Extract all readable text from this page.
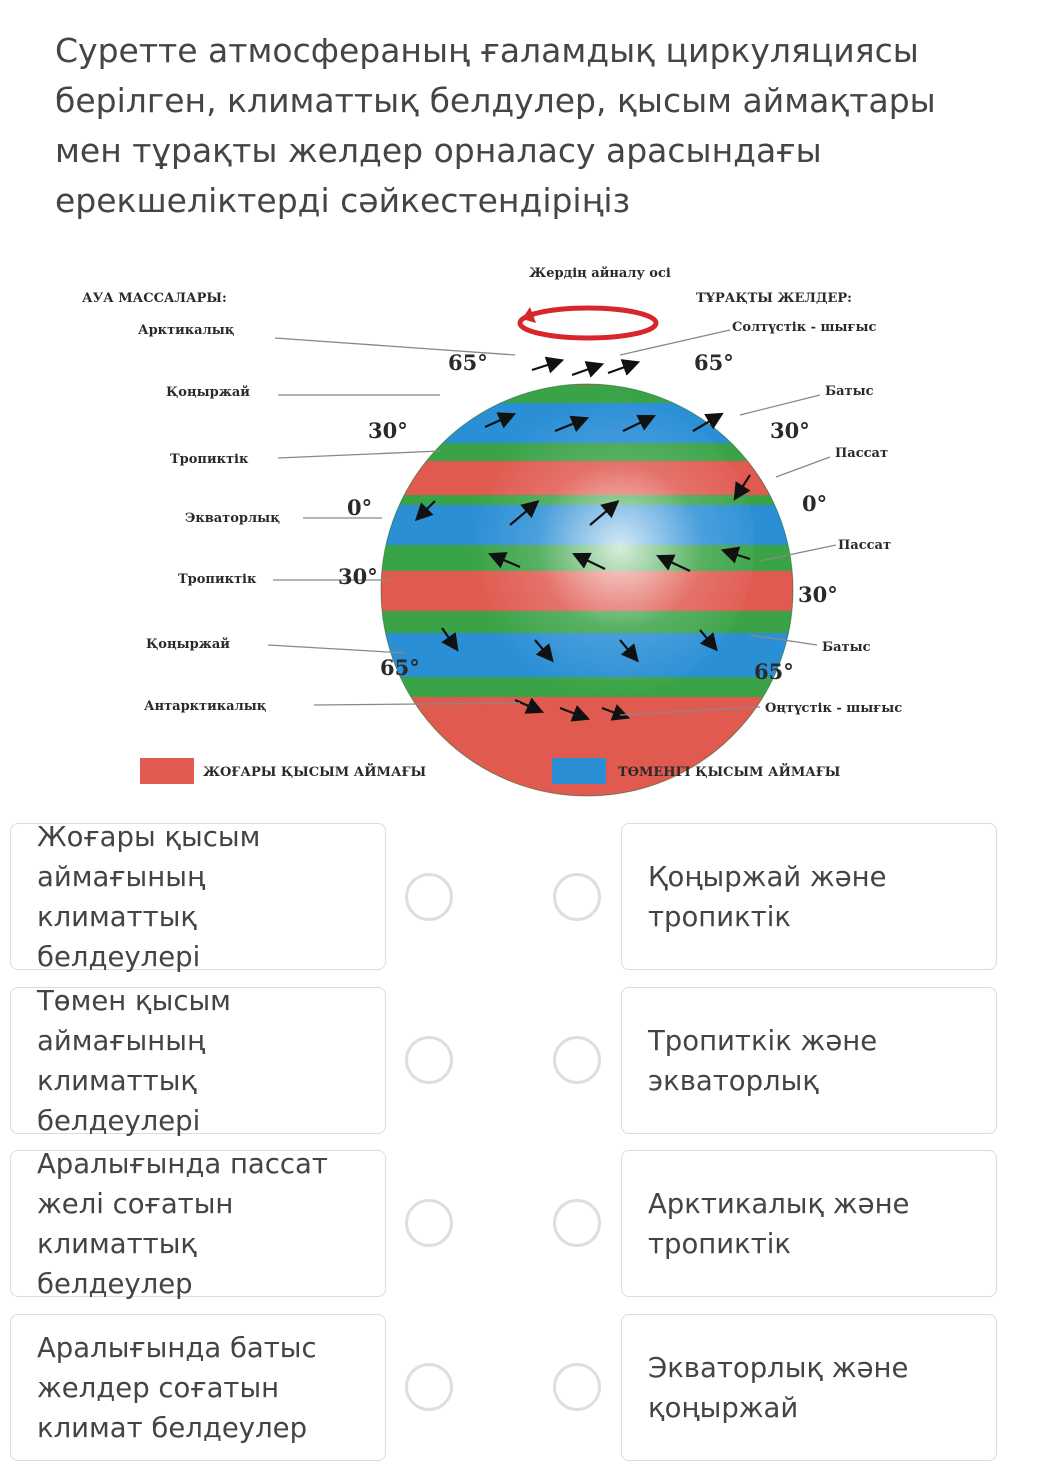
Суретте атмосфераның ғаламдық циркуляциясы берілген, климаттық белдулер, қысым аймақтары мен тұрақты желдер орналасу арасындағы ерекшеліктерді сәйкестендіріңіз
Жердің айналу осі
АУА МАССАЛАРЫ:	ТҰРАҚТЫ ЖЕЛДЕР:
Арктикалық
Қоңыржай
Тропиктік
Экваторлық
Тропиктік
Қоңыржай
Антарктикалық
Солтүстік - шығыс
Батыс
Пассат
Пассат
Батыс
Оңтүстік - шығыс
65°	65°
30°	30°
0°	0°
30°
30°
65°	65°
ЖОҒАРЫ ҚЫСЫМ АЙМАҒЫ	ТӨМЕНГІ ҚЫСЫМ АЙМАҒЫ
Жоғары қысым аймағының климаттық белдеулері
Қоңыржай және тропиктік
Төмен қысым аймағының климаттық белдеулері
Тропиткік және экваторлық
Аралығында пассат желі соғатын климаттық белдеулер
Арктикалық және тропиктік
Аралығында батыс желдер соғатын климат белдеулер
Экваторлық және қоңыржай
